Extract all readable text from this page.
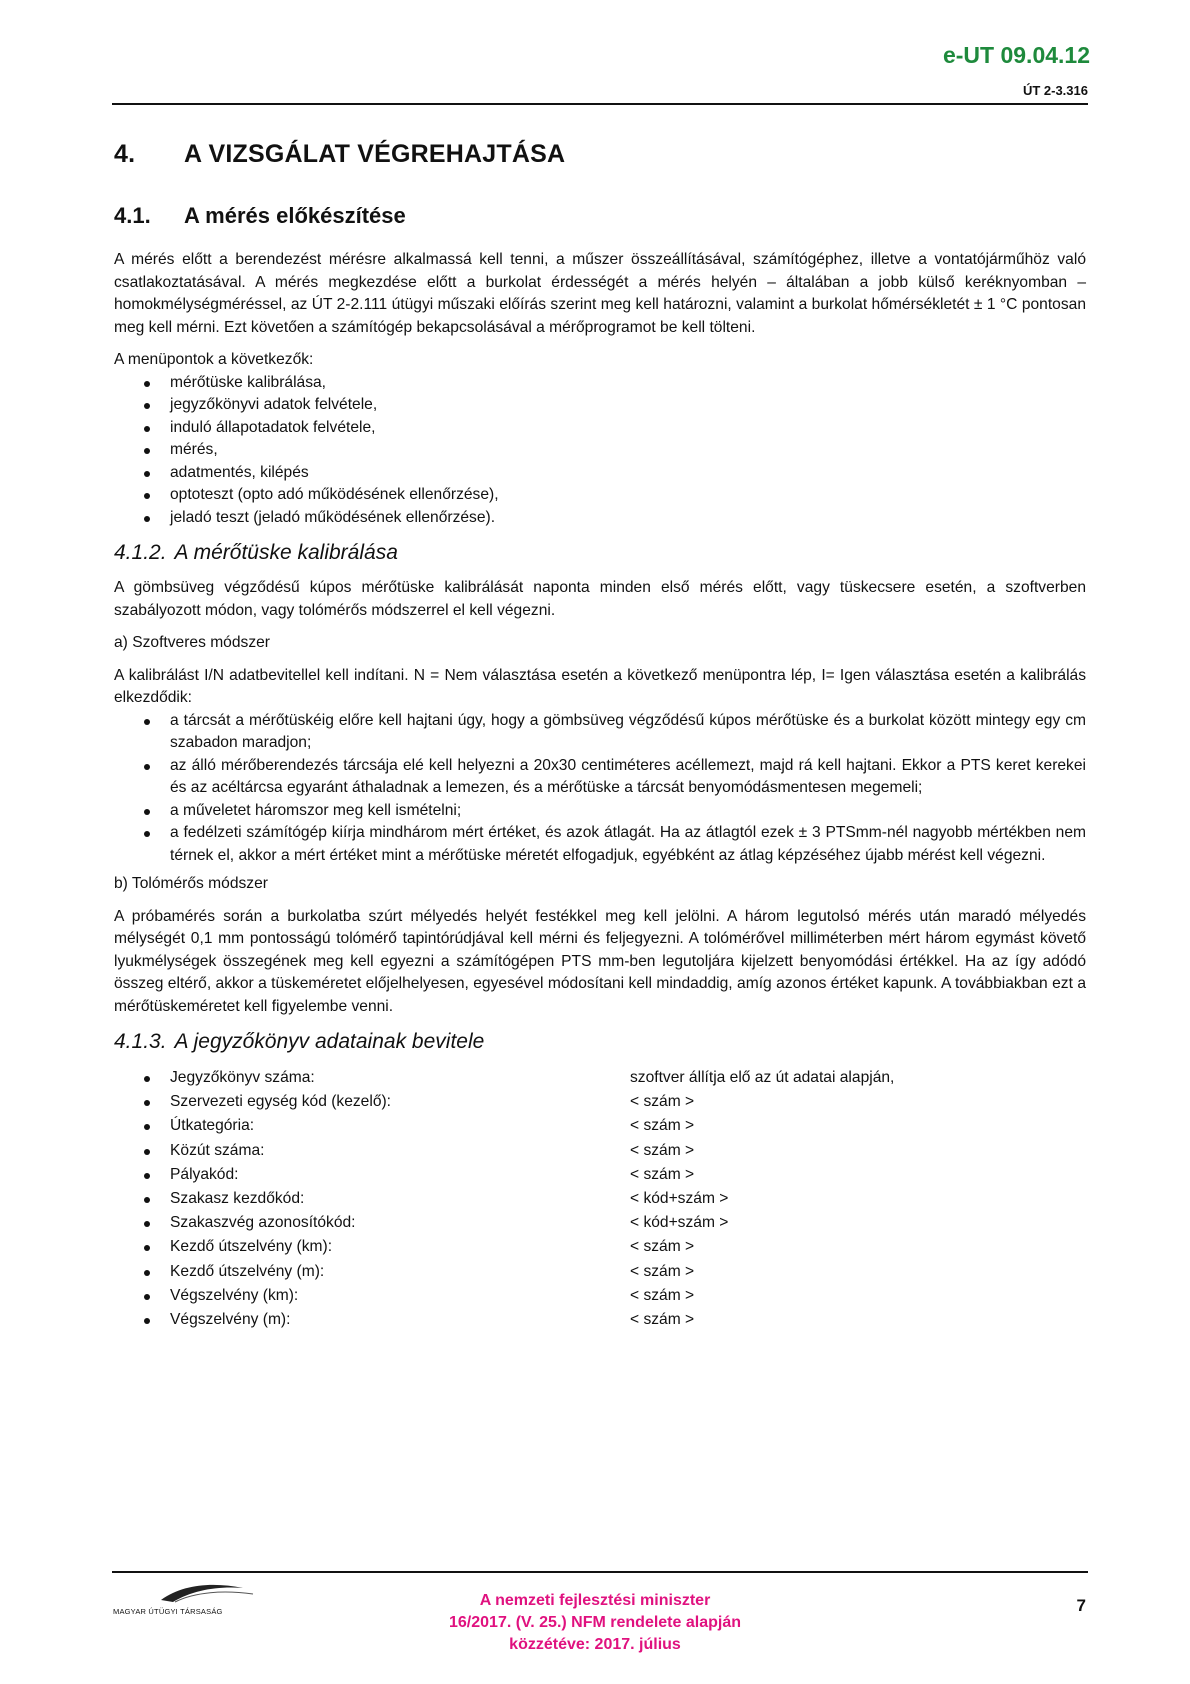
e-UT 09.04.12
ÚT 2-3.316
4.	A VIZSGÁLAT VÉGREHAJTÁSA
4.1.	A mérés előkészítése

A mérés előtt a berendezést mérésre alkalmassá kell tenni, a műszer összeállításával, számítógéphez, illetve a vontatójárműhöz való csatlakoztatásával. A mérés megkezdése előtt a burkolat érdességét a mérés helyén – általában a jobb külső keréknyomban – homokmélységméréssel, az ÚT 2-2.111 útügyi műszaki előírás szerint meg kell határozni, valamint a burkolat hőmérsékletét ± 1 °C pontosan meg kell mérni. Ezt követően a számítógép bekapcsolásával a mérőprogramot be kell tölteni.

A menüpontok a következők:

mérőtüske kalibrálása,
jegyzőkönyvi adatok felvétele,
induló állapotadatok felvétele,
mérés,
adatmentés, kilépés
optoteszt (opto adó működésének ellenőrzése),
jeladó teszt (jeladó működésének ellenőrzése).
4.1.2. A mérőtüske kalibrálása

A gömbsüveg végződésű kúpos mérőtüske kalibrálását naponta minden első mérés előtt, vagy tüskecsere esetén, a szoftverben szabályozott módon, vagy tolómérős módszerrel el kell végezni.

a) Szoftveres módszer

A kalibrálást I/N adatbevitellel kell indítani. N = Nem választása esetén a következő menüpontra lép, I= Igen választása esetén a kalibrálás elkezdődik:

a tárcsát a mérőtüskéig előre kell hajtani úgy, hogy a gömbsüveg végződésű kúpos mérőtüske és a burkolat között mintegy egy cm szabadon maradjon;
az álló mérőberendezés tárcsája elé kell helyezni a 20x30 centiméteres acéllemezt, majd rá kell hajtani. Ekkor a PTS keret kerekei és az acéltárcsa egyaránt áthaladnak a lemezen, és a mérőtüske a tárcsát benyomódásmentesen megemeli;
a műveletet háromszor meg kell ismételni;
a fedélzeti számítógép kiírja mindhárom mért értéket, és azok átlagát. Ha az átlagtól ezek ± 3 PTSmm-nél nagyobb mértékben nem térnek el, akkor a mért értéket mint a mérőtüske méretét elfogadjuk, egyébként az átlag képzéséhez újabb mérést kell végezni.

b) Tolómérős módszer

A próbamérés során a burkolatba szúrt mélyedés helyét festékkel meg kell jelölni. A három legutolsó mérés után maradó mélyedés mélységét 0,1 mm pontosságú tolómérő tapintórúdjával kell mérni és feljegyezni. A tolómérővel milliméterben mért három egymást követő lyukmélységek összegének meg kell egyezni a számítógépen PTS mm-ben legutoljára kijelzett benyomódási értékkel. Ha az így adódó összeg eltérő, akkor a tüskeméretet előjelhelyesen, egyesével módosítani kell mindaddig, amíg azonos értéket kapunk. A továbbiakban ezt a mérőtüskeméretet kell figyelembe venni.

4.1.3. A jegyzőkönyv adatainak bevitele
Jegyzőkönyv száma:	szoftver állítja elő az út adatai alapján,
Szervezeti egység kód (kezelő):	< szám >
Útkategória:	< szám >
Közút száma:	< szám >
Pályakód:	< szám >
Szakasz kezdőkód:	< kód+szám >
Szakaszvég azonosítókód:	< kód+szám >
Kezdő útszelvény (km):	< szám >
Kezdő útszelvény (m):	< szám >
Végszelvény (km):	< szám >
Végszelvény (m):	< szám >
MAGYAR ÚTÜGYI TÁRSASÁG
A nemzeti fejlesztési miniszter
16/2017. (V. 25.) NFM rendelete alapján
közzétéve: 2017. július
7
